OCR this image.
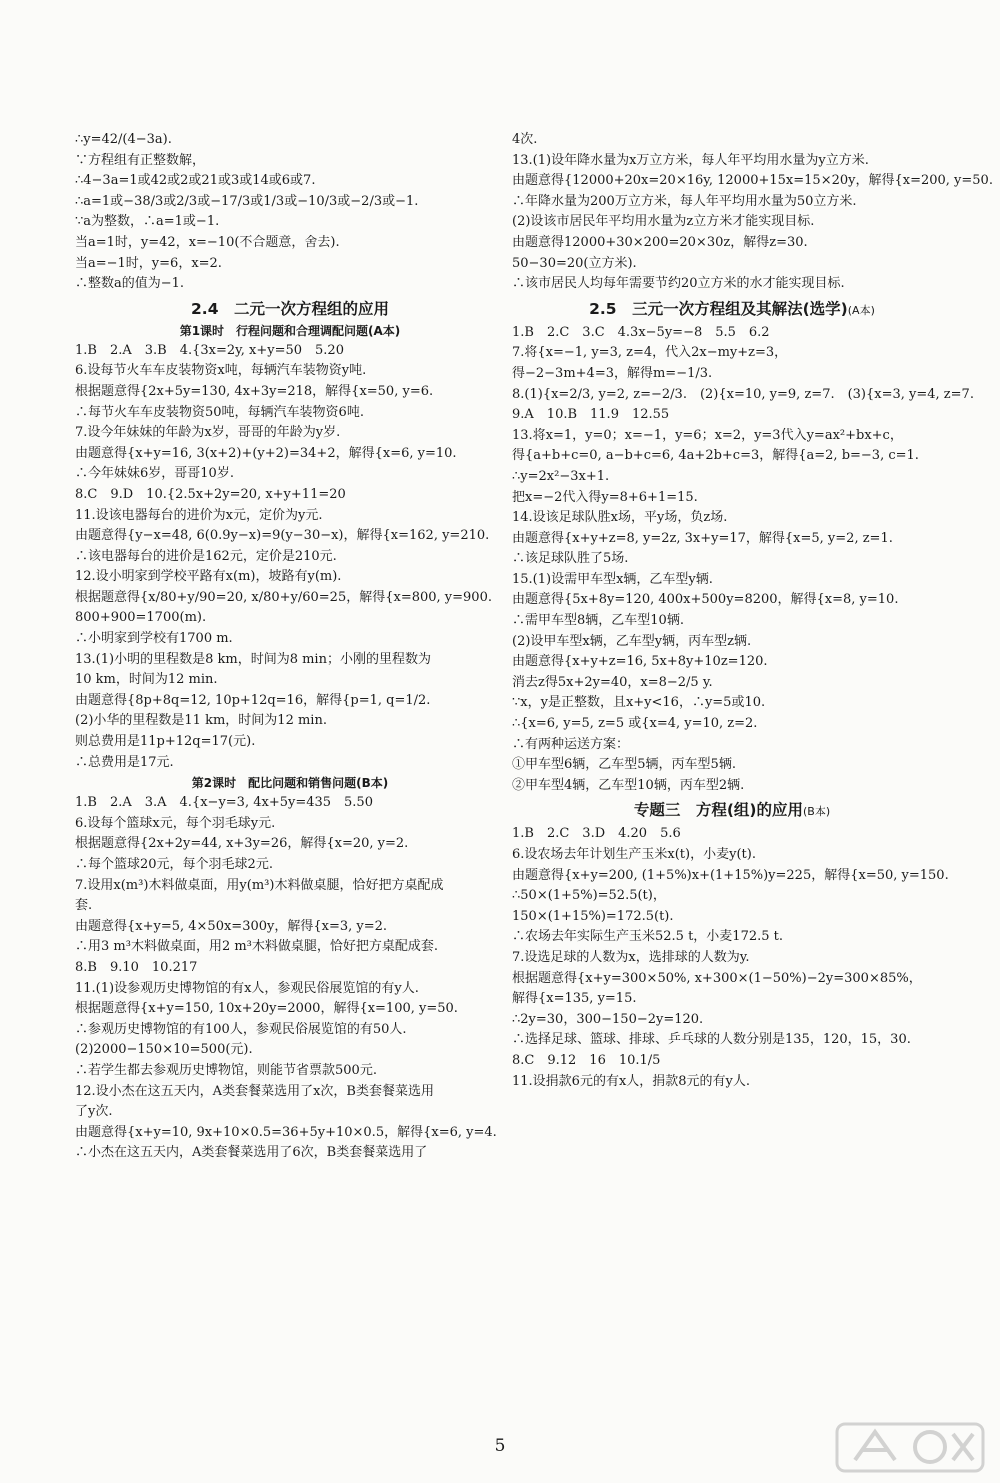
∴y=42/(4−3a).
∵方程组有正整数解，
∴4−3a=1或42或2或21或3或14或6或7.
∴a=1或−38/3或2/3或−17/3或1/3或−10/3或−2/3或−1.
∵a为整数，∴a=1或−1.
当a=1时，y=42，x=−10(不合题意，舍去).
当a=−1时，y=6，x=2.
∴整数a的值为−1.
2.4　二元一次方程组的应用
第1课时　行程问题和合理调配问题(A本)
1.B　2.A　3.B　4.{3x=2y, x+y=50　5.20
6.设每节火车车皮装物资x吨，每辆汽车装物资y吨.
根据题意得{2x+5y=130, 4x+3y=218，解得{x=50, y=6.
∴每节火车车皮装物资50吨，每辆汽车装物资6吨.
7.设今年妹妹的年龄为x岁，哥哥的年龄为y岁.
由题意得{x+y=16, 3(x+2)+(y+2)=34+2，解得{x=6, y=10.
∴今年妹妹6岁，哥哥10岁.
8.C　9.D　10.{2.5x+2y=20, x+y+11=20
11.设该电器每台的进价为x元，定价为y元.
由题意得{y−x=48, 6(0.9y−x)=9(y−30−x)，解得{x=162, y=210.
∴该电器每台的进价是162元，定价是210元.
12.设小明家到学校平路有x(m)，坡路有y(m).
根据题意得{x/80+y/90=20, x/80+y/60=25，解得{x=800, y=900.
800+900=1700(m).
∴小明家到学校有1700 m.
13.(1)小明的里程数是8 km，时间为8 min；小刚的里程数为
10 km，时间为12 min.
由题意得{8p+8q=12, 10p+12q=16，解得{p=1, q=1/2.
(2)小华的里程数是11 km，时间为12 min.
则总费用是11p+12q=17(元).
∴总费用是17元.
第2课时　配比问题和销售问题(B本)
1.B　2.A　3.A　4.{x−y=3, 4x+5y=435　5.50
6.设每个篮球x元，每个羽毛球y元.
根据题意得{2x+2y=44, x+3y=26，解得{x=20, y=2.
∴每个篮球20元，每个羽毛球2元.
7.设用x(m³)木料做桌面，用y(m³)木料做桌腿，恰好把方桌配成
套.
由题意得{x+y=5, 4×50x=300y，解得{x=3, y=2.
∴用3 m³木料做桌面，用2 m³木料做桌腿，恰好把方桌配成套.
8.B　9.10　10.217
11.(1)设参观历史博物馆的有x人，参观民俗展览馆的有y人.
根据题意得{x+y=150, 10x+20y=2000，解得{x=100, y=50.
∴参观历史博物馆的有100人，参观民俗展览馆的有50人.
(2)2000−150×10=500(元).
∴若学生都去参观历史博物馆，则能节省票款500元.
12.设小杰在这五天内，A类套餐菜选用了x次，B类套餐菜选用
了y次.
由题意得{x+y=10, 9x+10×0.5=36+5y+10×0.5，解得{x=6, y=4.
∴小杰在这五天内，A类套餐菜选用了6次，B类套餐菜选用了
4次.
13.(1)设年降水量为x万立方米，每人年平均用水量为y立方米.
由题意得{12000+20x=20×16y, 12000+15x=15×20y，解得{x=200, y=50.
∴年降水量为200万立方米，每人年平均用水量为50立方米.
(2)设该市居民年平均用水量为z立方米才能实现目标.
由题意得12000+30×200=20×30z，解得z=30.
50−30=20(立方米).
∴该市居民人均每年需要节约20立方米的水才能实现目标.
2.5　三元一次方程组及其解法(选学)(A本)
1.B　2.C　3.C　4.3x−5y=−8　5.5　6.2
7.将{x=−1, y=3, z=4，代入2x−my+z=3，
得−2−3m+4=3，解得m=−1/3.
8.(1){x=2/3, y=2, z=−2/3.　(2){x=10, y=9, z=7.　(3){x=3, y=4, z=7.
9.A　10.B　11.9　12.55
13.将x=1，y=0；x=−1，y=6；x=2，y=3代入y=ax²+bx+c，
得{a+b+c=0, a−b+c=6, 4a+2b+c=3，解得{a=2, b=−3, c=1.
∴y=2x²−3x+1.
把x=−2代入得y=8+6+1=15.
14.设该足球队胜x场，平y场，负z场.
由题意得{x+y+z=8, y=2z, 3x+y=17，解得{x=5, y=2, z=1.
∴该足球队胜了5场.
15.(1)设需甲车型x辆，乙车型y辆.
由题意得{5x+8y=120, 400x+500y=8200，解得{x=8, y=10.
∴需甲车型8辆，乙车型10辆.
(2)设甲车型x辆，乙车型y辆，丙车型z辆.
由题意得{x+y+z=16, 5x+8y+10z=120.
消去z得5x+2y=40，x=8−2/5 y.
∵x，y是正整数，且x+y<16，∴y=5或10.
∴{x=6, y=5, z=5 或{x=4, y=10, z=2.
∴有两种运送方案：
①甲车型6辆，乙车型5辆，丙车型5辆.
②甲车型4辆，乙车型10辆，丙车型2辆.
专题三　方程(组)的应用(B本)
1.B　2.C　3.D　4.20　5.6
6.设农场去年计划生产玉米x(t)，小麦y(t).
由题意得{x+y=200, (1+5%)x+(1+15%)y=225，解得{x=50, y=150.
∴50×(1+5%)=52.5(t)，
150×(1+15%)=172.5(t).
∴农场去年实际生产玉米52.5 t，小麦172.5 t.
7.设选足球的人数为x，选排球的人数为y.
根据题意得{x+y=300×50%, x+300×(1−50%)−2y=300×85%，
解得{x=135, y=15.
∴2y=30，300−150−2y=120.
∴选择足球、篮球、排球、乒乓球的人数分别是135，120，15，30.
8.C　9.12　16　10.1/5
11.设捐款6元的有x人，捐款8元的有y人.
5
